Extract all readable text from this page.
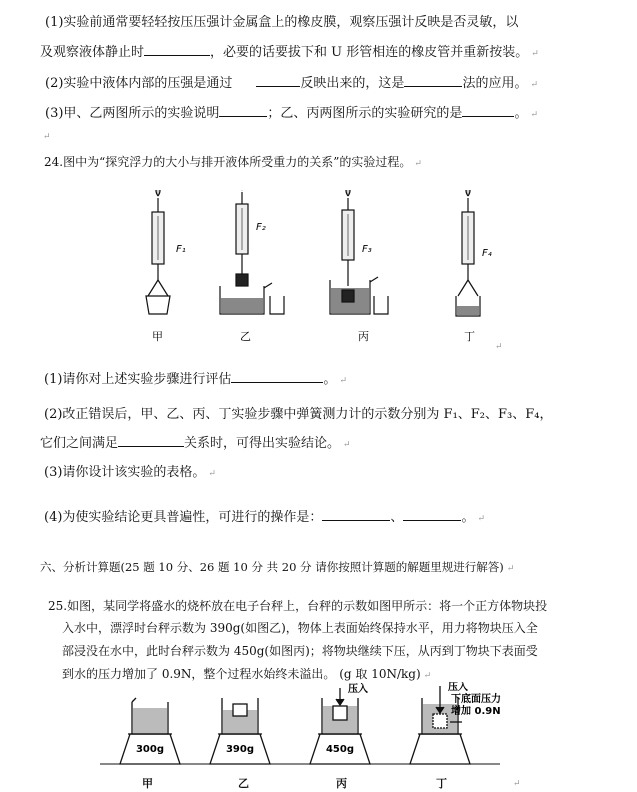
(1)实验前通常要轻轻按压压强计金属盒上的橡皮膜，观察压强计反映是否灵敏，以
及观察液体静止时	，必要的话要拔下和 U 形管相连的橡皮管并重新按装。 ↵
(2)实验中液体内部的压强是通过	反映出来的，这是	法的应用。 ↵
(3)甲、乙两图所示的实验说明	；乙、丙两图所示的实验研究的是	。 ↵
↵
24.图中为“探究浮力的大小与排开液体所受重力的关系”的实验过程。 ↵
F₁
F₂
F₃	F₄
甲	乙	丙	丁
↵
(1)请你对上述实验步骤进行评估	。 ↵
(2)改正错误后，甲、乙、丙、丁实验步骤中弹簧测力计的示数分别为 F₁、F₂、F₃、F₄，
它们之间满足	关系时，可得出实验结论。 ↵
(3)请你设计该实验的表格。 ↵
(4)为使实验结论更具普遍性，可进行的操作是：	、	。 ↵
六、分析计算题(25 题 10 分、26 题 10 分 共 20 分 请你按照计算题的解题里规进行解答) ↵
25.如图，某同学将盛水的烧杯放在电子台秤上，台秤的示数如图甲所示：将一个正方体物块投
入水中，漂浮时台秤示数为 390g(如图乙)，物体上表面始终保持水平，用力将物块压入全
部浸没在水中，此时台秤示数为 450g(如图丙)；将物块继续下压，从丙到丁物块下表面受
到水的压力增加了 0.9N，整个过程水始终未溢出。 (g 取 10N/kg) ↵
300g	390g	450g
压入	压入
下底面压力
增加 0.9N
甲	乙	丙	丁	↵
